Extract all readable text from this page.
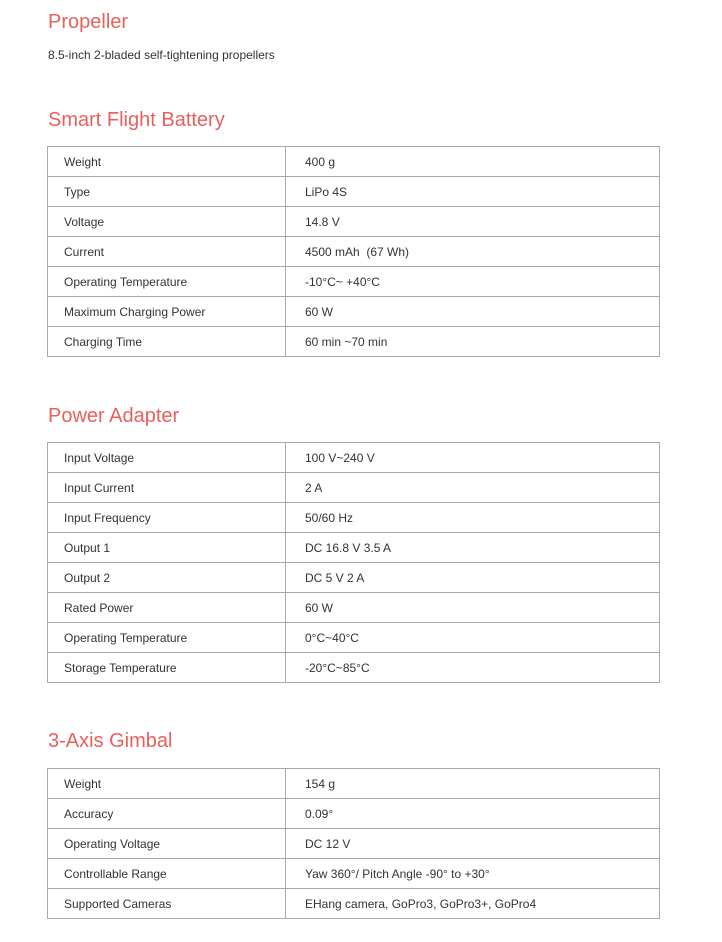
Propeller

8.5-inch 2-bladed self-tightening propellers

Smart Flight Battery
Weight	400 g
Type	LiPo 4S
Voltage	14.8 V
Current	4500 mAh  (67 Wh)
Operating Temperature	-10°C~ +40°C
Maximum Charging Power	60 W
Charging Time	60 min ~70 min
Power Adapter
Input Voltage	100 V~240 V
Input Current	2 A
Input Frequency	50/60 Hz
Output 1	DC 16.8 V 3.5 A
Output 2	DC 5 V 2 A
Rated Power	60 W
Operating Temperature	0°C~40°C
Storage Temperature	-20°C~85°C
3-Axis Gimbal
Weight	154 g
Accuracy	0.09°
Operating Voltage	DC 12 V
Controllable Range	Yaw 360°/ Pitch Angle -90° to +30°
Supported Cameras	EHang camera, GoPro3, GoPro3+, GoPro4
